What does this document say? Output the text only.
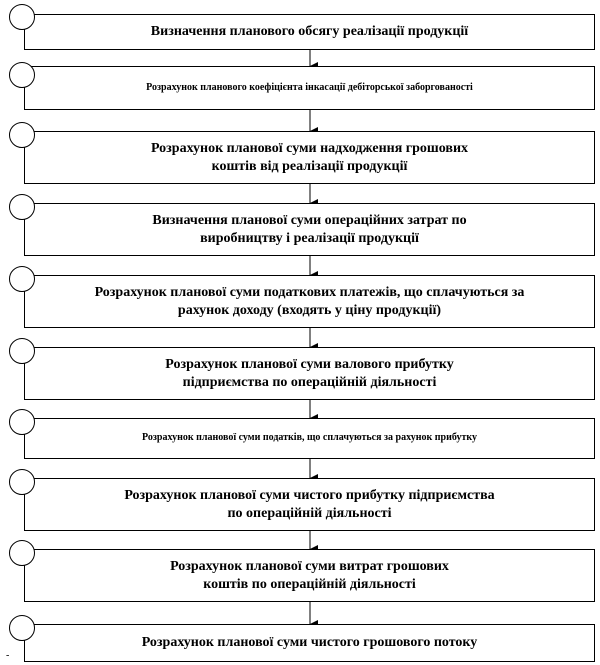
Визначення планового обсягу реалізації продукції
Розрахунок планового коефіцієнта інкасації дебіторської заборгованості
Розрахунок планової суми надходження грошових
коштів від реалізації продукції
Визначення планової суми операційних затрат по
виробництву і реалізації продукції
Розрахунок планової суми податкових платежів, що сплачуються за
рахунок доходу (входять у ціну продукції)
Розрахунок планової суми валового прибутку
підприємства по операційній діяльності
Розрахунок планової суми податків, що сплачуються за рахунок прибутку
Розрахунок планової суми чистого прибутку підприємства
по операційній діяльності
Розрахунок планової суми витрат грошових
коштів по операційній діяльності
Розрахунок планової суми чистого грошового потоку
-
